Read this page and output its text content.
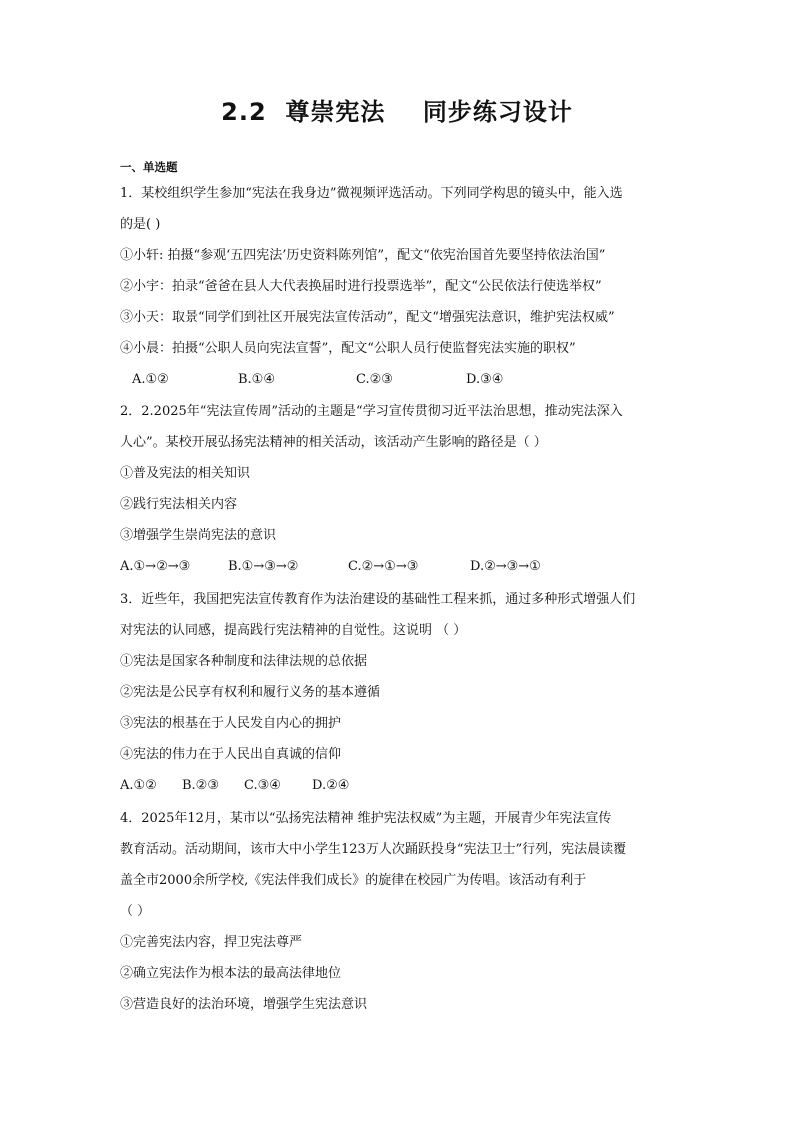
2.2  尊崇宪法    同步练习设计
一、单选题
1．某校组织学生参加“宪法在我身边”微视频评选活动。下列同学构思的镜头中，能入选
的是( )
①小轩: 拍摄“参观‘五四宪法’历史资料陈列馆”，配文“依宪治国首先要坚持依法治国”
②小宇：拍录“爸爸在县人大代表换届时进行投票选举”，配文“公民依法行使选举权”
③小天：取景“同学们到社区开展宪法宣传活动”，配文“增强宪法意识，维护宪法权威”
④小晨：拍摄“公职人员向宪法宣誓”，配文“公职人员行使监督宪法实施的职权”
A.①②	B.①④	C.②③	D.③④
2．2.2025年“宪法宣传周”活动的主题是“学习宣传贯彻习近平法治思想，推动宪法深入
人心”。某校开展弘扬宪法精神的相关活动，该活动产生影响的路径是（ ）
①普及宪法的相关知识
②践行宪法相关内容
③增强学生崇尚宪法的意识
A.①→②→③	B.①→③→②	C.②→①→③	D.②→③→①
3．近些年，我国把宪法宣传教育作为法治建设的基础性工程来抓，通过多种形式增强人们
对宪法的认同感，提高践行宪法精神的自觉性。这说明 （ ）
①宪法是国家各种制度和法律法规的总依据
②宪法是公民享有权利和履行义务的基本遵循
③宪法的根基在于人民发自内心的拥护
④宪法的伟力在于人民出自真诚的信仰
A.①② B.②③ C.③④ D.②④
4．2025年12月，某市以“弘扬宪法精神 维护宪法权威”为主题，开展青少年宪法宣传
教育活动。活动期间，该市大中小学生123万人次踊跃投身“宪法卫士”行列，宪法晨读覆
盖全市2000余所学校,《宪法伴我们成长》的旋律在校园广为传唱。该活动有利于
（ ）
①完善宪法内容，捍卫宪法尊严
②确立宪法作为根本法的最高法律地位
③营造良好的法治环境，增强学生宪法意识
